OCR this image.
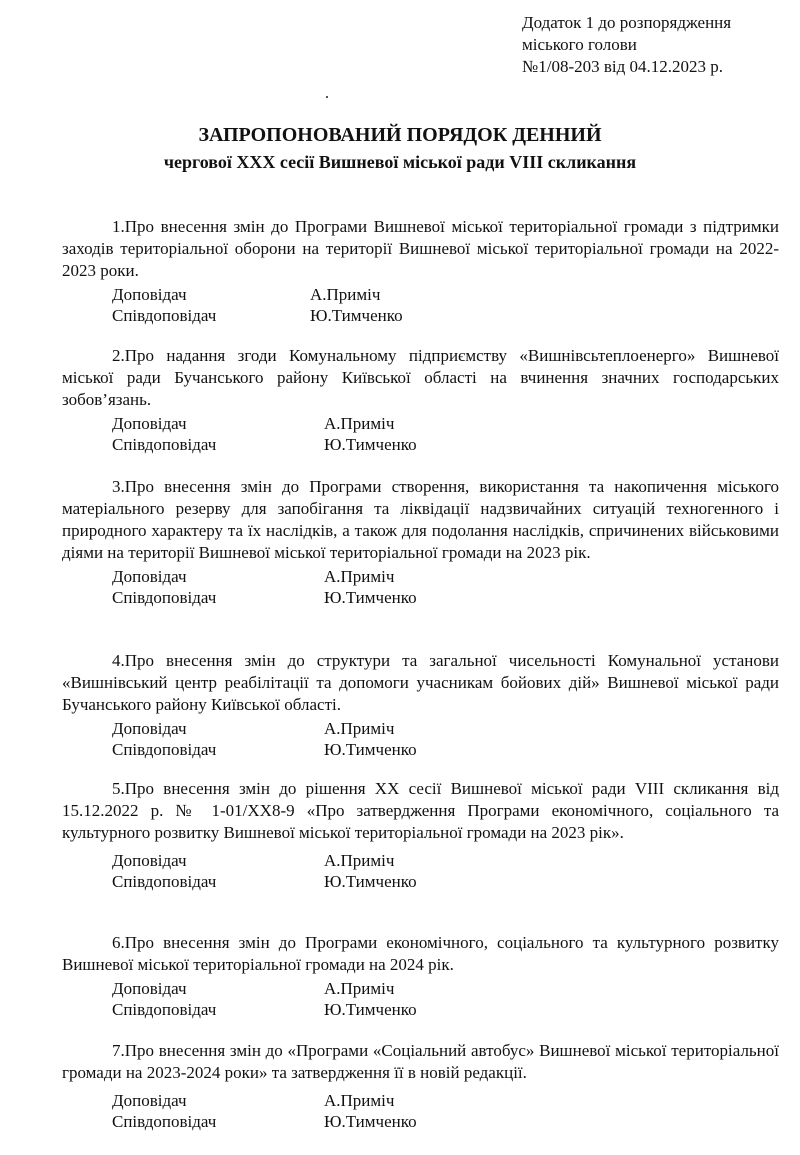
Додаток 1 до розпорядження
міського голови
№1/08-203 від 04.12.2023 р.
ЗАПРОПОНОВАНИЙ ПОРЯДОК ДЕННИЙ
чергової XXX сесії Вишневої міської ради VIII скликання
1.Про внесення змін до Програми Вишневої міської територіальної громади з підтримки заходів територіальної оборони на території Вишневої міської територіальної громади на 2022-2023 роки.
Доповідач	А.Приміч
Співдоповідач	Ю.Тимченко
2.Про надання згоди Комунальному підприємству «Вишнівсьтеплоенерго» Вишневої міської ради Бучанського району Київської області на вчинення значних господарських зобов’язань.
Доповідач	А.Приміч
Співдоповідач	Ю.Тимченко
3.Про внесення змін до Програми створення, використання та накопичення міського матеріального резерву для запобігання та ліквідації надзвичайних ситуацій техногенного і природного характеру та їх наслідків, а також для подолання наслідків, спричинених військовими діями на території Вишневої міської територіальної громади на 2023 рік.
Доповідач	А.Приміч
Співдоповідач	Ю.Тимченко
4.Про внесення змін до структури та загальної чисельності Комунальної установи «Вишнівський центр реабілітації та допомоги учасникам бойових дій» Вишневої міської ради Бучанського району Київської області.
Доповідач	А.Приміч
Співдоповідач	Ю.Тимченко
5.Про внесення змін до рішення XX сесії Вишневої міської ради VIII скликання від 15.12.2022 р. № 1-01/XX8-9 «Про затвердження Програми економічного, соціального та культурного розвитку Вишневої міської територіальної громади на 2023 рік».
Доповідач	А.Приміч
Співдоповідач	Ю.Тимченко
6.Про внесення змін до Програми економічного, соціального та культурного розвитку Вишневої міської територіальної громади на 2024 рік.
Доповідач	А.Приміч
Співдоповідач	Ю.Тимченко
7.Про внесення змін до «Програми «Соціальний автобус» Вишневої міської територіальної громади на 2023-2024 роки» та затвердження її в новій редакції.
Доповідач	А.Приміч
Співдоповідач	Ю.Тимченко
